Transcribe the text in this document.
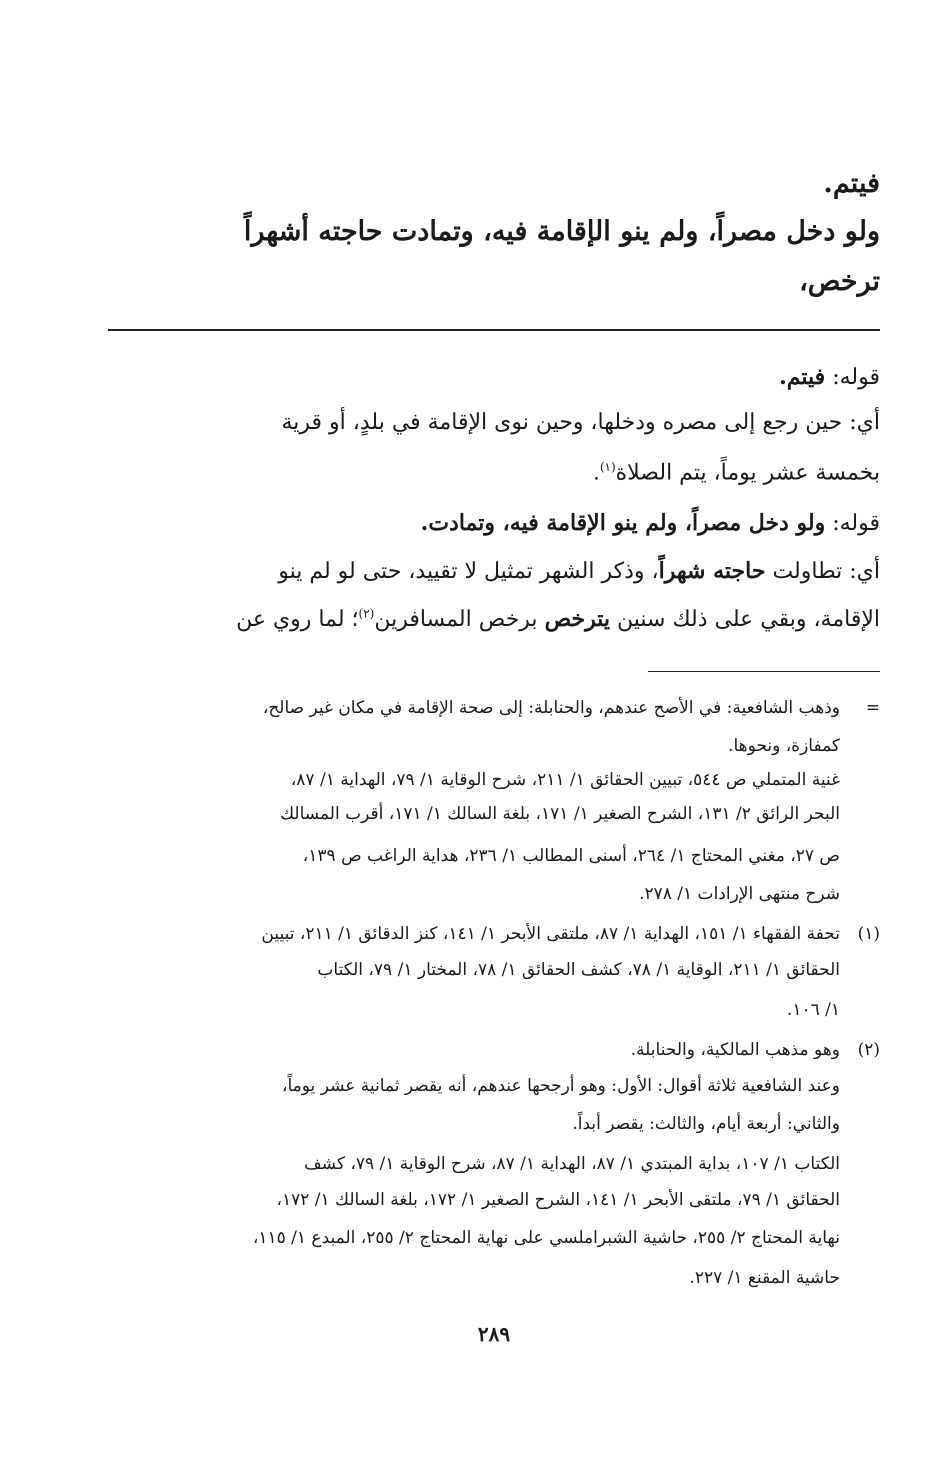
فيتم.
ولو دخل مصراً، ولم ينو الإقامة فيه، وتمادت حاجته أشهراً
ترخص،
قوله: فيتم.
أي: حين رجع إلى مصره ودخلها، وحين نوى الإقامة في بلدٍ، أو قرية
بخمسة عشر يوماً، يتم الصلاة$^{(١)}$.
قوله: ولو دخل مصراً، ولم ينو الإقامة فيه، وتمادت.
أي: تطاولت حاجته شهراً، وذكر الشهر تمثيل لا تقييد، حتى لو لم ينو
الإقامة، وبقي على ذلك سنين يترخص برخص المسافرين$^{(٢)}$؛ لما روي عن
=
وذهب الشافعية: في الأصح عندهم، والحنابلة: إلى صحة الإقامة في مكان غير صالح،
كمفازة، ونحوها.
غنية المتملي ص ٥٤٤، تبيين الحقائق ١/ ٢١١، شرح الوقاية ١/ ٧٩، الهداية ١/ ٨٧،
البحر الرائق ٢/ ١٣١، الشرح الصغير ١/ ١٧١، بلغة السالك ١/ ١٧١، أقرب المسالك
ص ٢٧، مغني المحتاج ١/ ٢٦٤، أسنى المطالب ١/ ٢٣٦، هداية الراغب ص ١٣٩،
شرح منتهى الإرادات ١/ ٢٧٨.
(١)
تحفة الفقهاء ١/ ١٥١، الهداية ١/ ٨٧، ملتقى الأبحر ١/ ١٤١، كنز الدقائق ١/ ٢١١، تبيين
الحقائق ١/ ٢١١، الوقاية ١/ ٧٨، كشف الحقائق ١/ ٧٨، المختار ١/ ٧٩، الكتاب
١/ ١٠٦.
(٢)
وهو مذهب المالكية، والحنابلة.
وعند الشافعية ثلاثة أقوال: الأول: وهو أرجحها عندهم، أنه يقصر ثمانية عشر يوماً،
والثاني: أربعة أيام، والثالث: يقصر أبداً.
الكتاب ١/ ١٠٧، بداية المبتدي ١/ ٨٧، الهداية ١/ ٨٧، شرح الوقاية ١/ ٧٩، كشف
الحقائق ١/ ٧٩، ملتقى الأبحر ١/ ١٤١، الشرح الصغير ١/ ١٧٢، بلغة السالك ١/ ١٧٢،
نهاية المحتاج ٢/ ٢٥٥، حاشية الشبراملسي على نهاية المحتاج ٢/ ٢٥٥، المبدع ١/ ١١٥،
حاشية المقنع ١/ ٢٢٧.
٢٨٩
